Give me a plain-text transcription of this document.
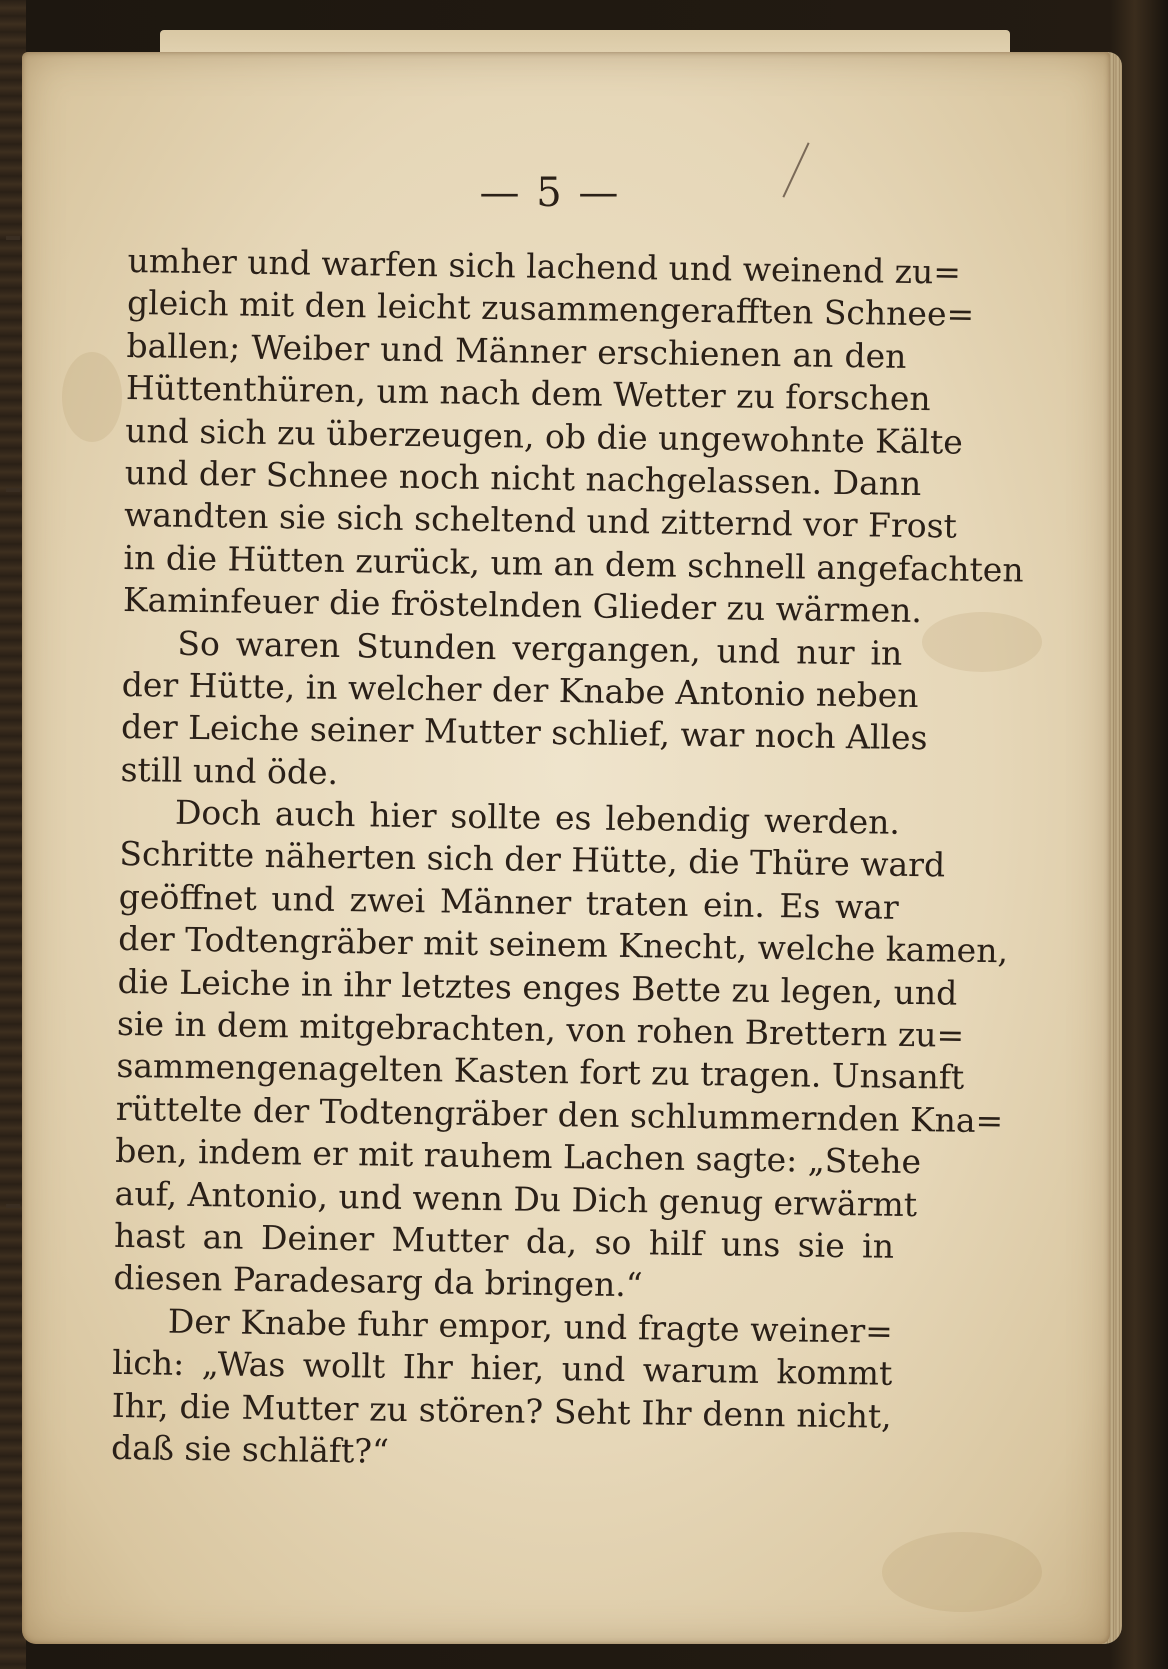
— 5 —
umher und warfen sich lachend und weinend zu=
gleich mit den leicht zusammengerafften Schnee=
ballen; Weiber und Männer erschienen an den
Hüttenthüren, um nach dem Wetter zu forschen
und sich zu überzeugen, ob die ungewohnte Kälte
und der Schnee noch nicht nachgelassen. Dann
wandten sie sich scheltend und zitternd vor Frost
in die Hütten zurück, um an dem schnell angefachten
Kaminfeuer die fröstelnden Glieder zu wärmen.
So waren Stunden vergangen, und nur in
der Hütte, in welcher der Knabe Antonio neben
der Leiche seiner Mutter schlief, war noch Alles
still und öde.
Doch auch hier sollte es lebendig werden.
Schritte näherten sich der Hütte, die Thüre ward
geöffnet und zwei Männer traten ein. Es war
der Todtengräber mit seinem Knecht, welche kamen,
die Leiche in ihr letztes enges Bette zu legen, und
sie in dem mitgebrachten, von rohen Brettern zu=
sammengenagelten Kasten fort zu tragen. Unsanft
rüttelte der Todtengräber den schlummernden Kna=
ben, indem er mit rauhem Lachen sagte: „Stehe
auf, Antonio, und wenn Du Dich genug erwärmt
hast an Deiner Mutter da, so hilf uns sie in
diesen Paradesarg da bringen.“
Der Knabe fuhr empor, und fragte weiner=
lich: „Was wollt Ihr hier, und warum kommt
Ihr, die Mutter zu stören? Seht Ihr denn nicht,
daß sie schläft?“
